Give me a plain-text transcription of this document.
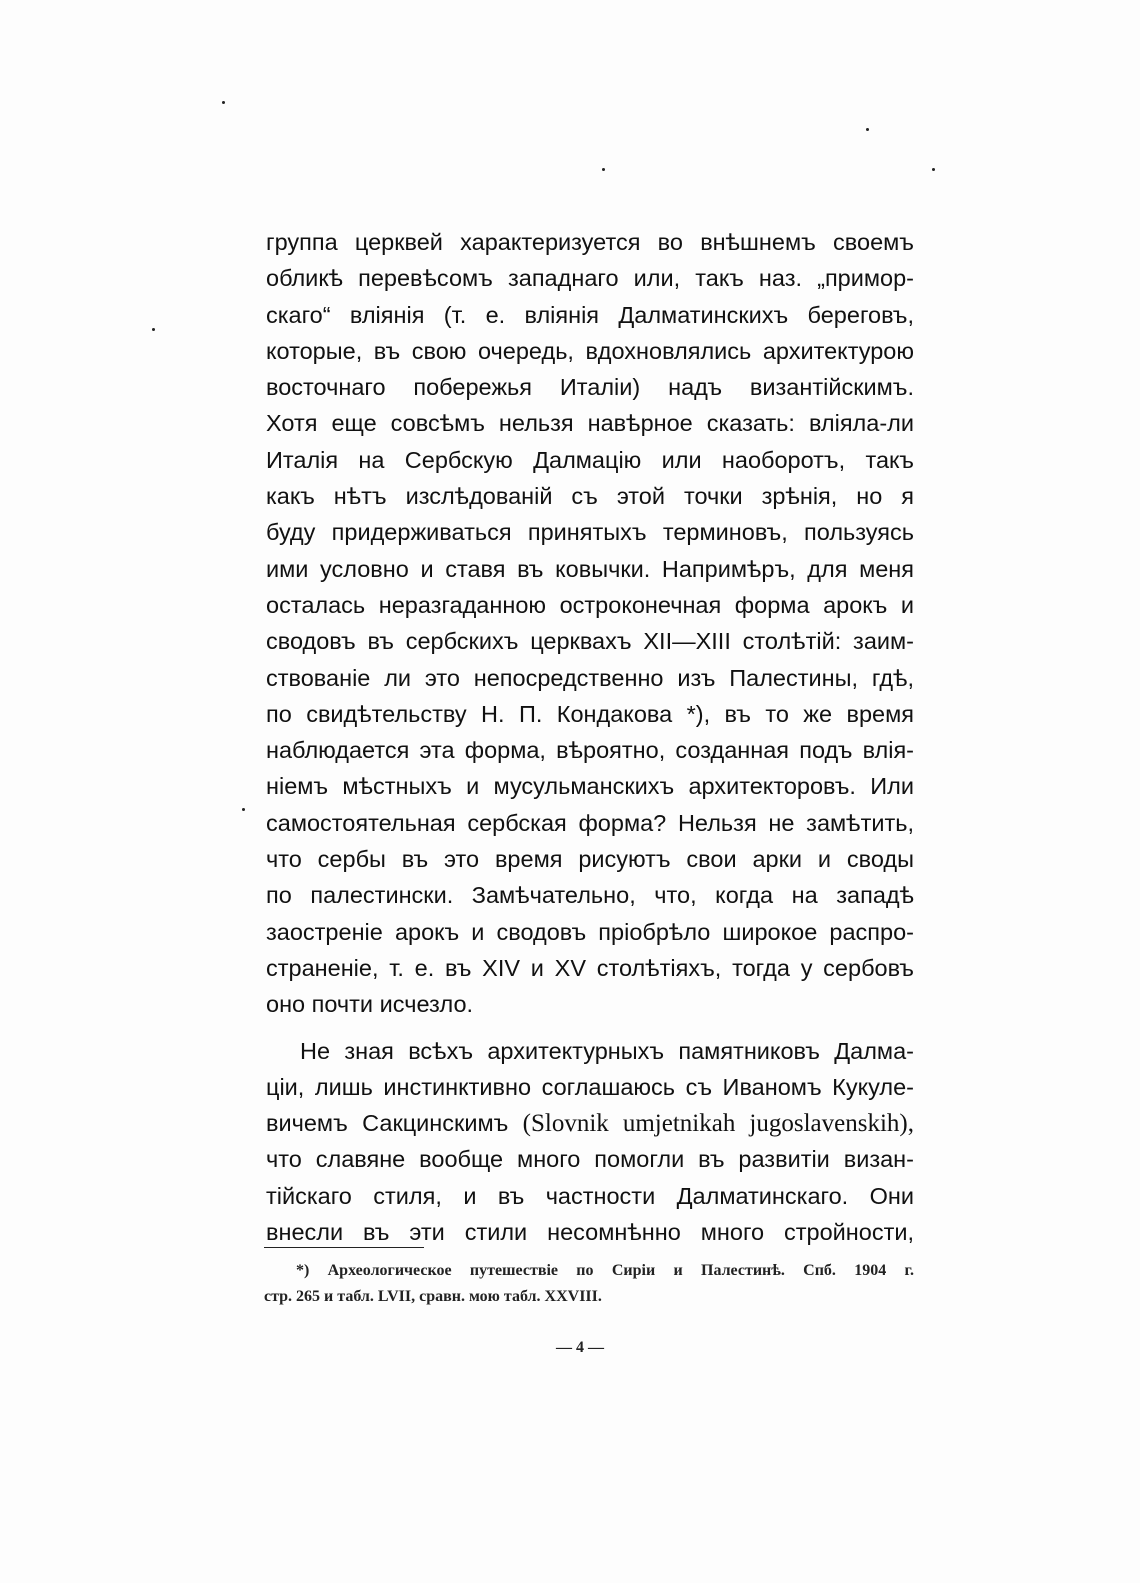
группа церквей характеризуется во внѣшнемъ своемъ
обликѣ перевѣсомъ западнаго или, такъ наз. „примор-
скаго“ вліянія (т. е. вліянія Далматинскихъ береговъ,
которые, въ свою очередь, вдохновлялись архитектурою
восточнаго побережья Италіи) надъ византійскимъ.
Хотя еще совсѣмъ нельзя навѣрное сказать: вліяла-ли
Италія на Сербскую Далмацію или наоборотъ, такъ
какъ нѣтъ изслѣдованій съ этой точки зрѣнія, но я
буду придерживаться принятыхъ терминовъ, пользуясь
ими условно и ставя въ ковычки. Напримѣръ, для меня
осталась неразгаданною остроконечная форма арокъ и
сводовъ въ сербскихъ церквахъ XII—XIII столѣтій: заим-
ствованіе ли это непосредственно изъ Палестины, гдѣ,
по свидѣтельству Н. П. Кондакова *), въ то же время
наблюдается эта форма, вѣроятно, созданная подъ влія-
ніемъ мѣстныхъ и мусульманскихъ архитекторовъ. Или
самостоятельная сербская форма? Нельзя не замѣтить,
что сербы въ это время рисуютъ свои арки и своды
по палестински. Замѣчательно, что, когда на западѣ
заостреніе арокъ и сводовъ пріобрѣло широкое распро-
страненіе, т. е. въ XIV и XV столѣтіяхъ, тогда у сербовъ
оно почти исчезло.
Не зная всѣхъ архитектурныхъ памятниковъ Далма-
ціи, лишь инстинктивно соглашаюсь съ Иваномъ Кукуле-
вичемъ Сакцинскимъ (Slovnik umjetnikah jugoslavenskih),
что славяне вообще много помогли въ развитіи визан-
тійскаго стиля, и въ частности Далматинскаго. Они
внесли въ эти стили несомнѣнно много стройности,
*) Археологическое путешествіе по Сиріи и Палестинѣ. Спб. 1904 г.
стр. 265 и табл. LVII, сравн. мою табл. XXVIII.
— 4 —
